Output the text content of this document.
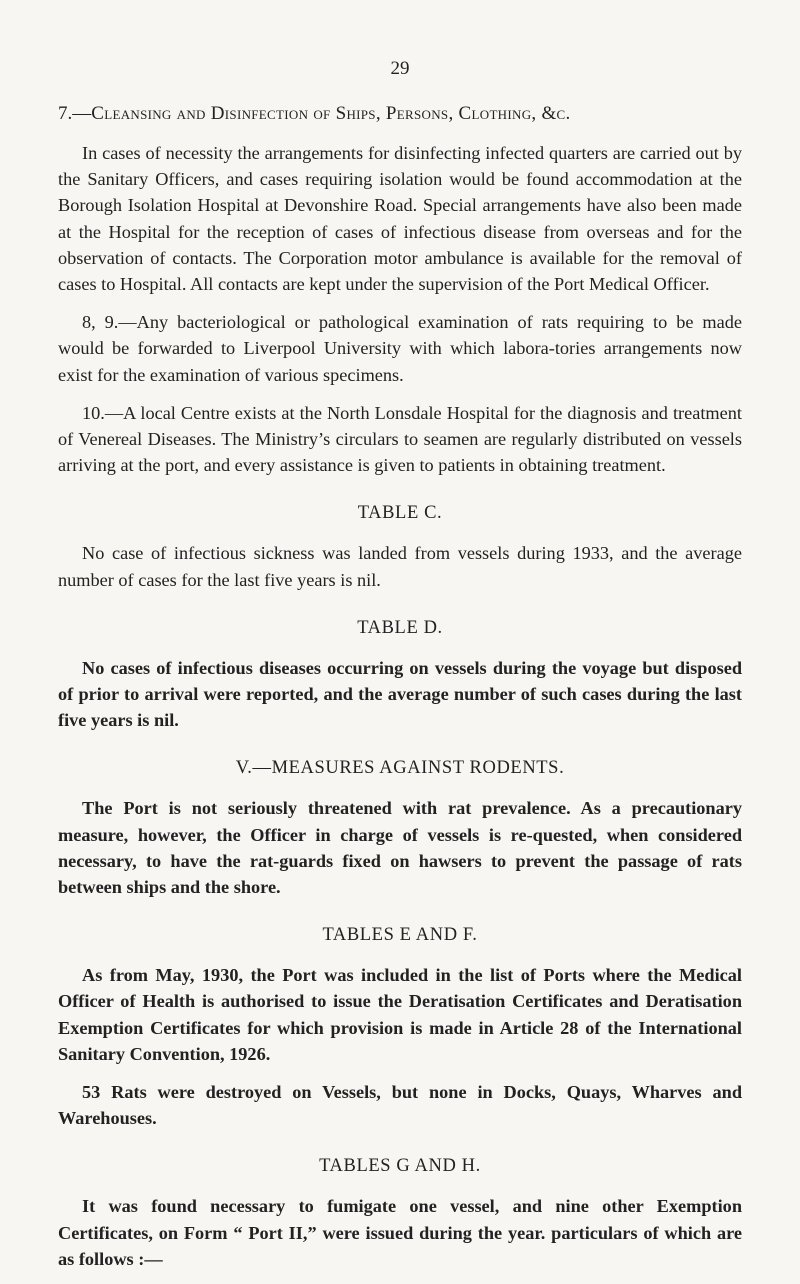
29
7.—Cleansing and Disinfection of Ships, Persons, Clothing, &c.

In cases of necessity the arrangements for disinfecting infected quarters are carried out by the Sanitary Officers, and cases requiring isolation would be found accommodation at the Borough Isolation Hospital at Devonshire Road. Special arrangements have also been made at the Hospital for the reception of cases of infectious disease from overseas and for the observation of contacts. The Corporation motor ambulance is available for the removal of cases to Hospital. All contacts are kept under the supervision of the Port Medical Officer.

8, 9.—Any bacteriological or pathological examination of rats requiring to be made would be forwarded to Liverpool University with which labora-tories arrangements now exist for the examination of various specimens.

10.—A local Centre exists at the North Lonsdale Hospital for the diagnosis and treatment of Venereal Diseases. The Ministry’s circulars to seamen are regularly distributed on vessels arriving at the port, and every assistance is given to patients in obtaining treatment.

TABLE C.

No case of infectious sickness was landed from vessels during 1933, and the average number of cases for the last five years is nil.

TABLE D.

No cases of infectious diseases occurring on vessels during the voyage but disposed of prior to arrival were reported, and the average number of such cases during the last five years is nil.

V.—MEASURES AGAINST RODENTS.

The Port is not seriously threatened with rat prevalence. As a precautionary measure, however, the Officer in charge of vessels is re-quested, when considered necessary, to have the rat-guards fixed on hawsers to prevent the passage of rats between ships and the shore.

TABLES E AND F.

As from May, 1930, the Port was included in the list of Ports where the Medical Officer of Health is authorised to issue the Deratisation Certificates and Deratisation Exemption Certificates for which provision is made in Article 28 of the International Sanitary Convention, 1926.

53 Rats were destroyed on Vessels, but none in Docks, Quays, Wharves and Warehouses.

TABLES G AND H.

It was found necessary to fumigate one vessel, and nine other Exemption Certificates, on Form “ Port II,” were issued during the year. particulars of which are as follows :—
